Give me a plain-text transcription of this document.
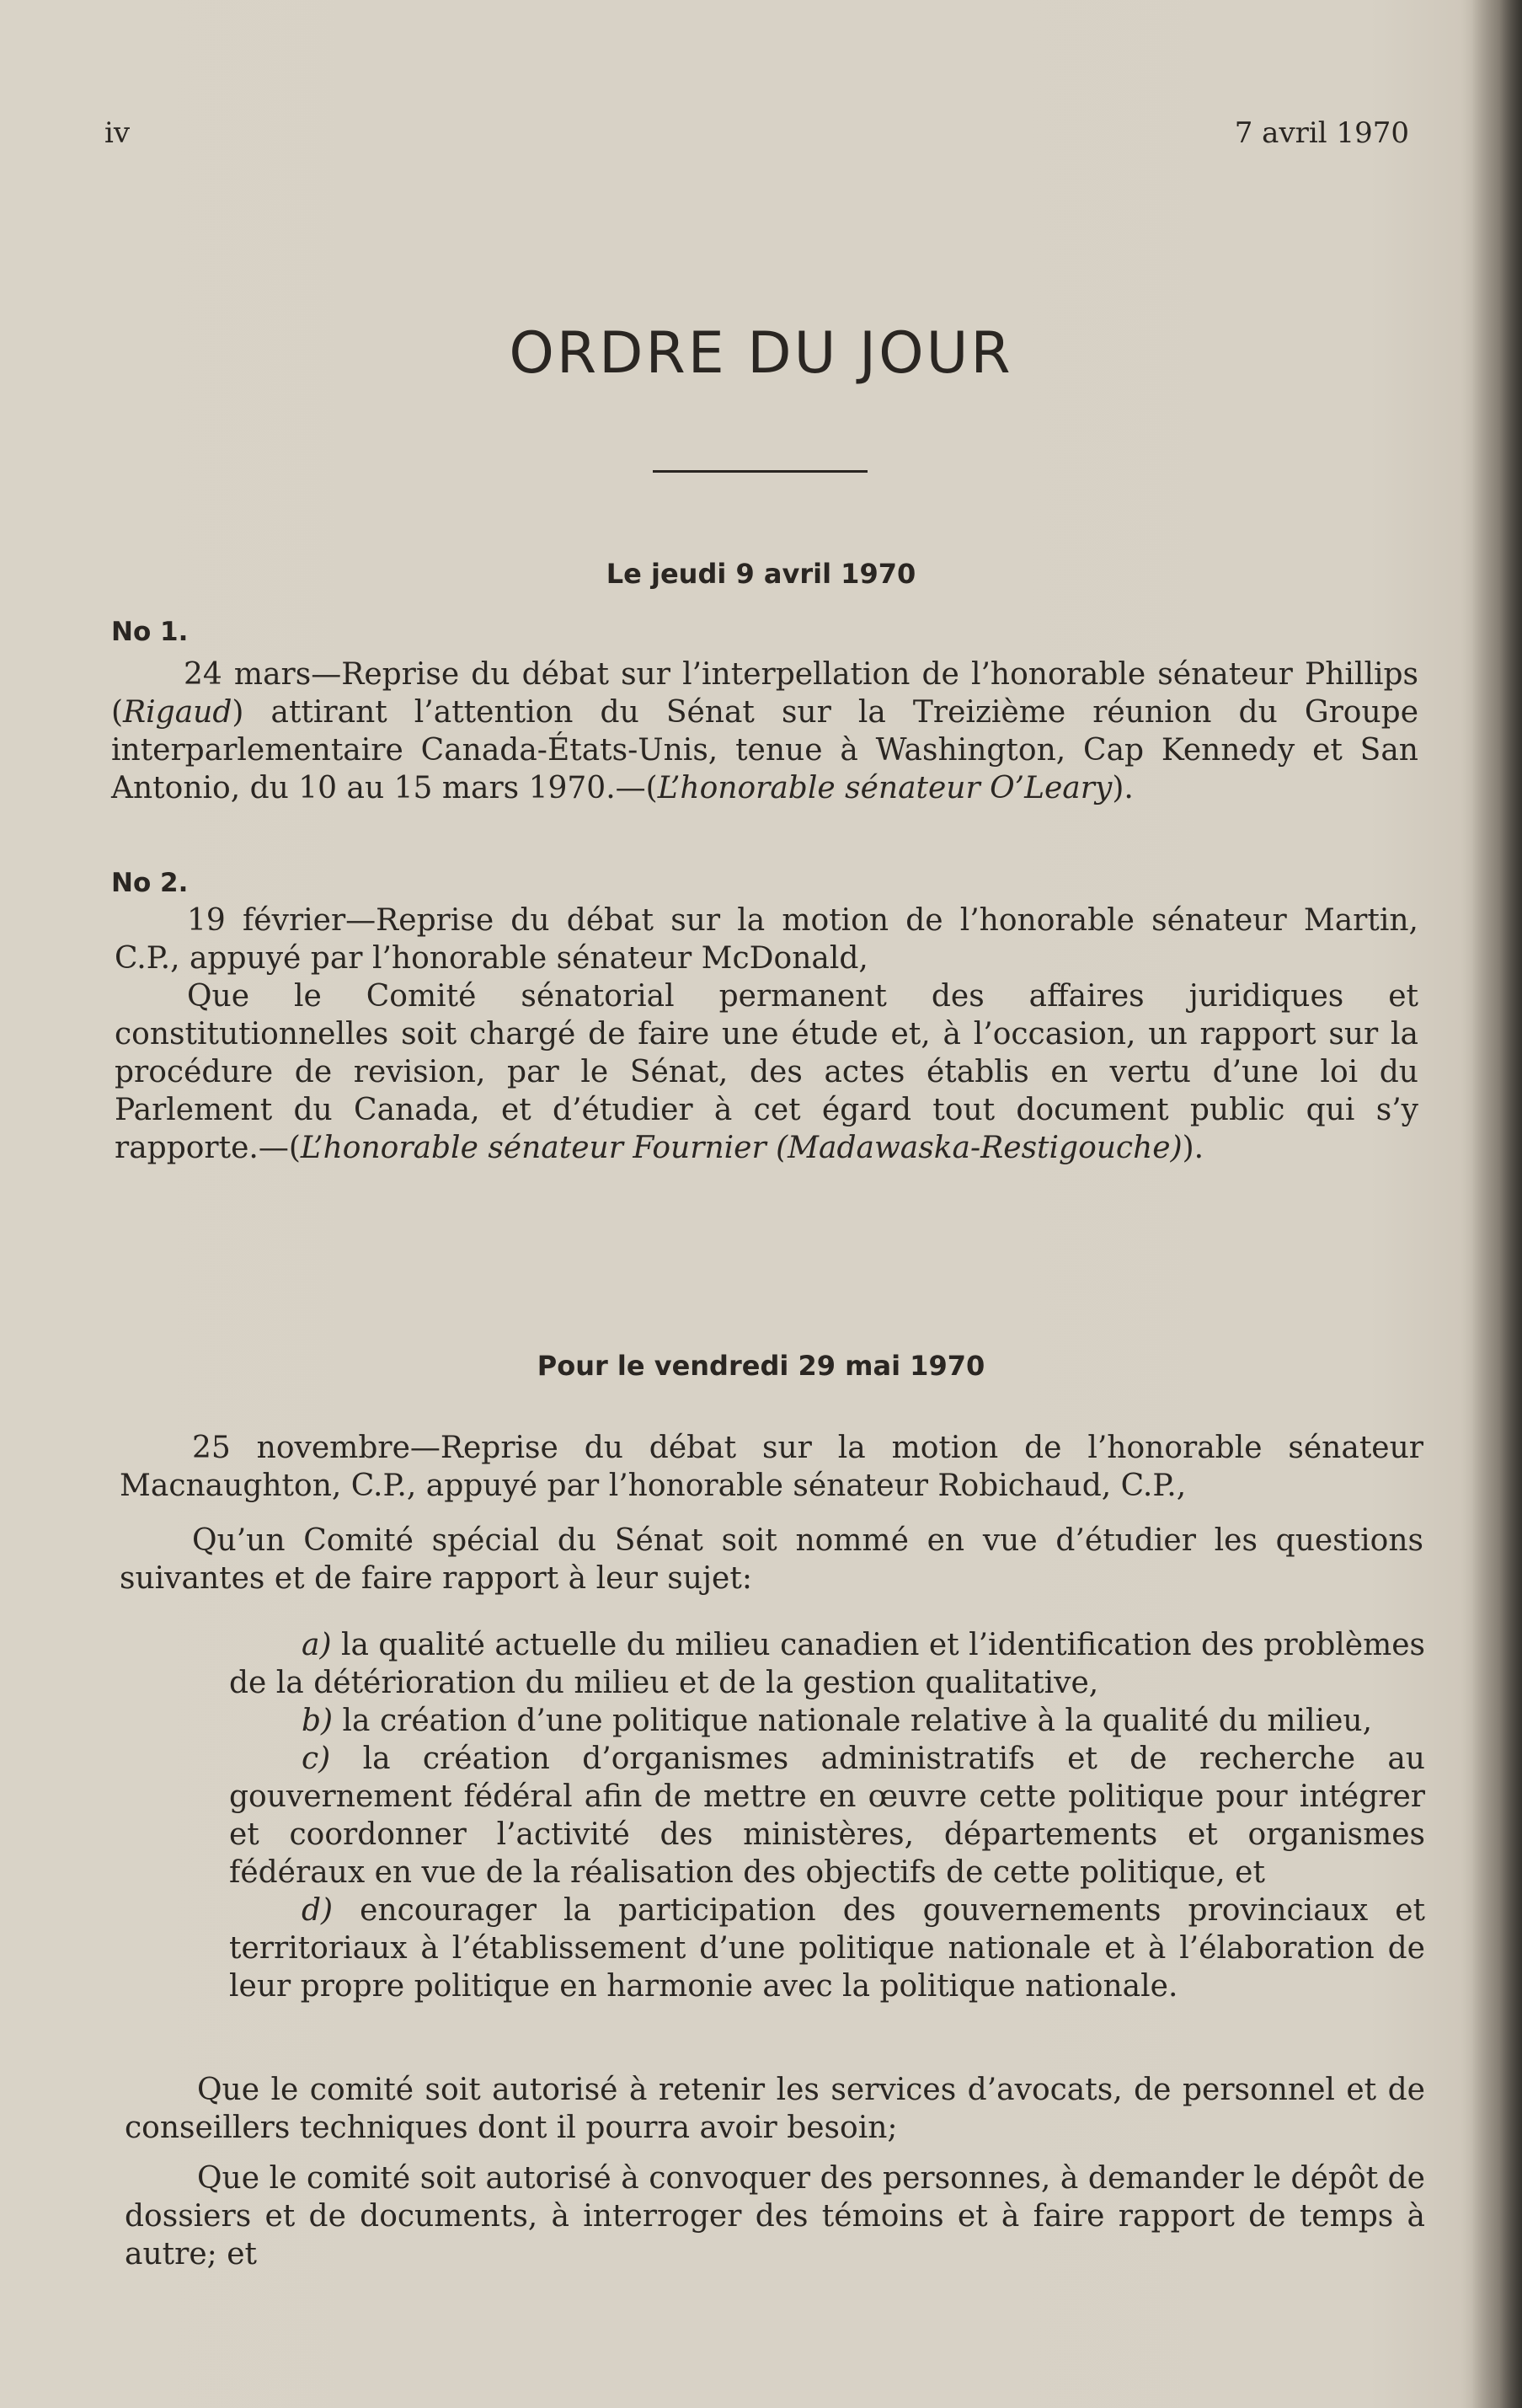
iv	7 avril 1970
ORDRE DU JOUR
Le jeudi 9 avril 1970
No 1.

24 mars—Reprise du débat sur l’interpellation de l’honorable sénateur Phillips (Rigaud) attirant l’attention du Sénat sur la Treizième réunion du Groupe interparlementaire Canada-États-Unis, tenue à Washington, Cap Kennedy et San Antonio, du 10 au 15 mars 1970.—(L’honorable sénateur O’Leary).

No 2.

19 février—Reprise du débat sur la motion de l’honorable sénateur Martin, C.P., appuyé par l’honorable sénateur McDonald,

Que le Comité sénatorial permanent des affaires juridiques et constitutionnelles soit chargé de faire une étude et, à l’occasion, un rapport sur la procédure de revision, par le Sénat, des actes établis en vertu d’une loi du Parlement du Canada, et d’étudier à cet égard tout document public qui s’y rapporte.—(L’honorable sénateur Fournier (Madawaska-Restigouche)).

Pour le vendredi 29 mai 1970

25 novembre—Reprise du débat sur la motion de l’honorable sénateur Macnaughton, C.P., appuyé par l’honorable sénateur Robichaud, C.P.,

Qu’un Comité spécial du Sénat soit nommé en vue d’étudier les questions suivantes et de faire rapport à leur sujet:

a) la qualité actuelle du milieu canadien et l’identification des problèmes de la détérioration du milieu et de la gestion qualitative,

b) la création d’une politique nationale relative à la qualité du milieu,

c) la création d’organismes administratifs et de recherche au gouvernement fédéral afin de mettre en œuvre cette politique pour intégrer et coordonner l’activité des ministères, départements et organismes fédéraux en vue de la réalisation des objectifs de cette politique, et

d) encourager la participation des gouvernements provinciaux et territoriaux à l’établissement d’une politique nationale et à l’élaboration de leur propre politique en harmonie avec la politique nationale.

Que le comité soit autorisé à retenir les services d’avocats, de personnel et de conseillers techniques dont il pourra avoir besoin;

Que le comité soit autorisé à convoquer des personnes, à demander le dépôt de dossiers et de documents, à interroger des témoins et à faire rapport de temps à autre; et
